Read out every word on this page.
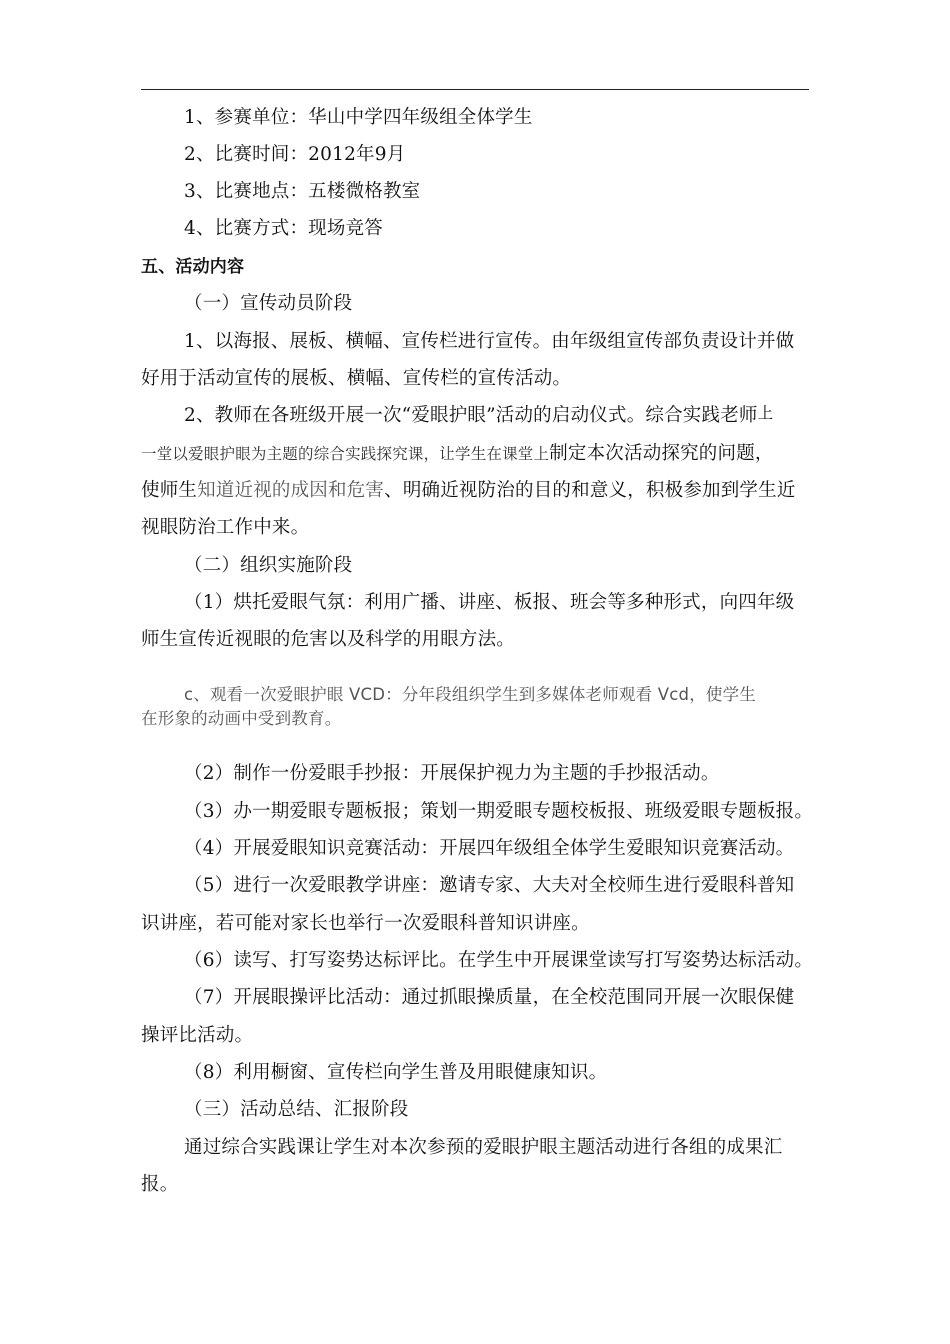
1、参赛单位：华山中学四年级组全体学生
2、比赛时间：2012年9月
3、比赛地点：五楼微格教室
4、比赛方式：现场竞答
五、活动内容
（一）宣传动员阶段
1、以海报、展板、横幅、宣传栏进行宣传。由年级组宣传部负责设计并做
好用于活动宣传的展板、横幅、宣传栏的宣传活动。
2、教师在各班级开展一次“爱眼护眼”活动的启动仪式。综合实践老师上
一堂以爱眼护眼为主题的综合实践探究课，让学生在课堂上制定本次活动探究的问题，
使师生知道近视的成因和危害、明确近视防治的目的和意义，积极参加到学生近
视眼防治工作中来。
（二）组织实施阶段
（1）烘托爱眼气氛：利用广播、讲座、板报、班会等多种形式，向四年级
师生宣传近视眼的危害以及科学的用眼方法。
c、观看一次爱眼护眼 VCD：分年段组织学生到多媒体老师观看 Vcd，使学生
在形象的动画中受到教育。
（2）制作一份爱眼手抄报：开展保护视力为主题的手抄报活动。
（3）办一期爱眼专题板报；策划一期爱眼专题校板报、班级爱眼专题板报。
（4）开展爱眼知识竞赛活动：开展四年级组全体学生爱眼知识竞赛活动。
（5）进行一次爱眼教学讲座：邀请专家、大夫对全校师生进行爱眼科普知
识讲座，若可能对家长也举行一次爱眼科普知识讲座。
（6）读写、打写姿势达标评比。在学生中开展课堂读写打写姿势达标活动。
（7）开展眼操评比活动：通过抓眼操质量，在全校范围同开展一次眼保健
操评比活动。
（8）利用橱窗、宣传栏向学生普及用眼健康知识。
（三）活动总结、汇报阶段
通过综合实践课让学生对本次参预的爱眼护眼主题活动进行各组的成果汇
报。
